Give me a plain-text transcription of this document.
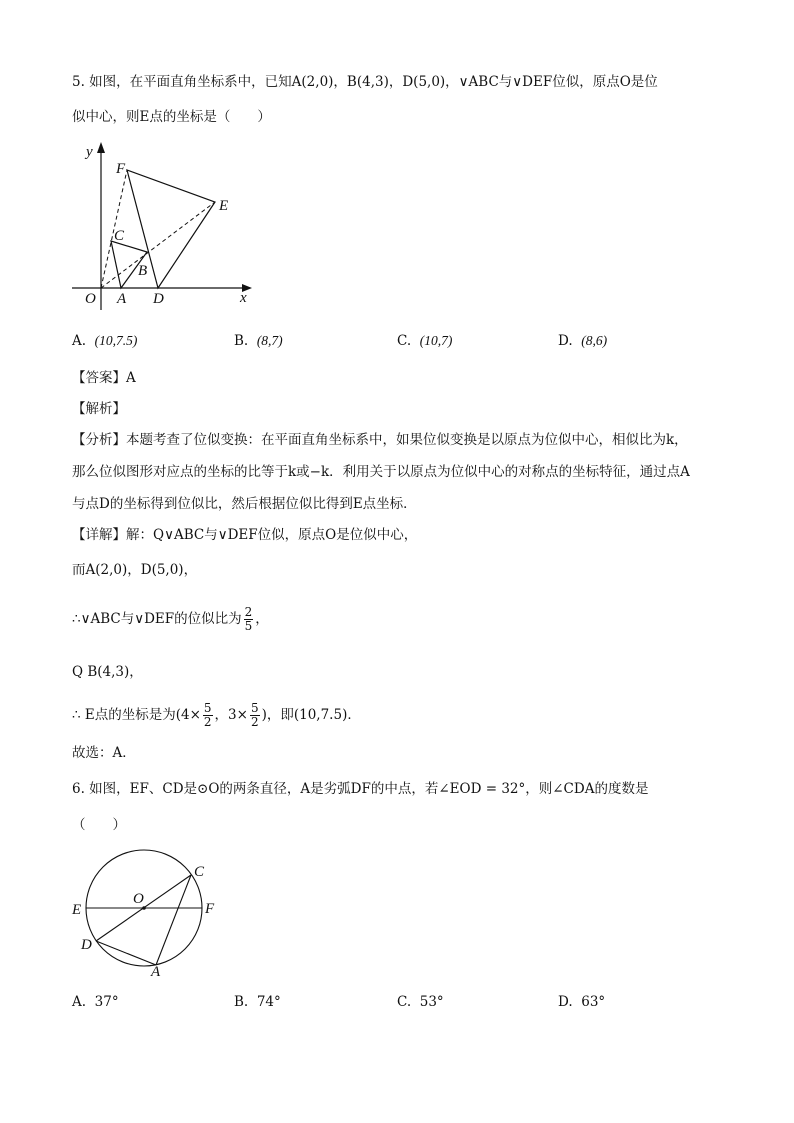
5. 如图，在平面直角坐标系中，已知A(2,0)，B(4,3)，D(5,0)，∨ABC与∨DEF位似，原点O是位
似中心，则E点的坐标是（　　）
y
F
E
C
B
O A D	x
A. (10,7.5)	B. (8,7)	C. (10,7)	D. (8,6)
【答案】A
【解析】
【分析】本题考查了位似变换：在平面直角坐标系中，如果位似变换是以原点为位似中心，相似比为k，
那么位似图形对应点的坐标的比等于k或−k．利用关于以原点为位似中心的对称点的坐标特征，通过点A
与点D的坐标得到位似比，然后根据位似比得到E点坐标．
【详解】解：Q∨ABC与∨DEF位似，原点O是位似中心，
而A(2,0)，D(5,0)，
∴∨ABC与∨DEF的位似比为 $\frac{2}{5}$ ，
Q B(4,3)，
∴ E点的坐标是为($4\times \frac{5}{2}$ ，$3\times \frac{5}{2}$ )，即(10,7.5)．
故选：A．
6. 如图，EF、CD是⊙O的两条直径，A是劣弧DF的中点，若∠EOD = 32°，则∠CDA的度数是
（　　）
C
O
E	F
D
A
A. 37°	B. 74°	C. 53°	D. 63°
